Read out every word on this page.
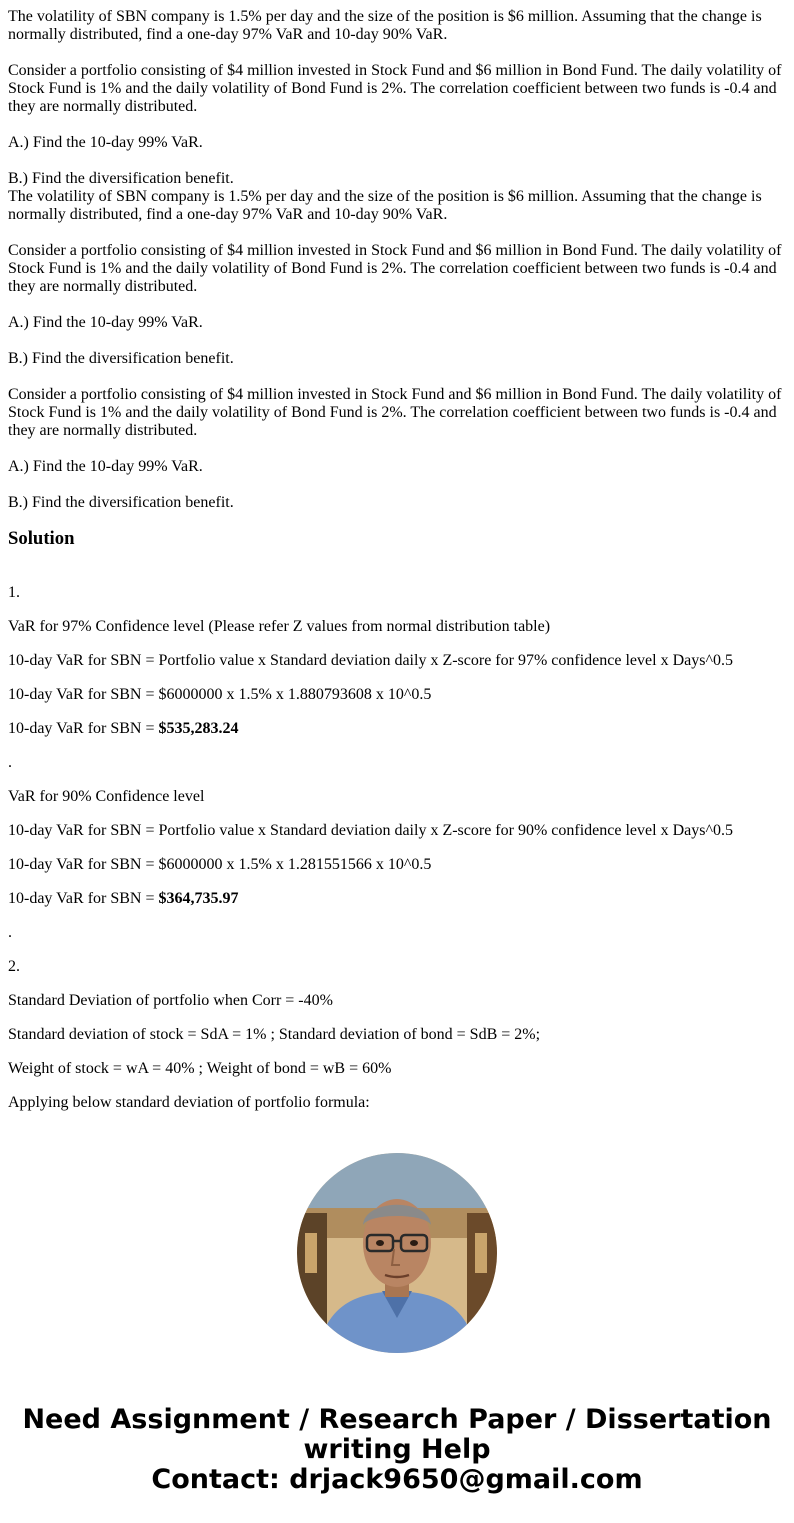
The volatility of SBN company is 1.5% per day and the size of the position is $6 million. Assuming that the change is normally distributed, find a one-day 97% VaR and 10-day 90% VaR.

Consider a portfolio consisting of $4 million invested in Stock Fund and $6 million in Bond Fund. The daily volatility of Stock Fund is 1% and the daily volatility of Bond Fund is 2%. The correlation coefficient between two funds is -0.4 and they are normally distributed.

A.) Find the 10-day 99% VaR.

B.) Find the diversification benefit.

The volatility of SBN company is 1.5% per day and the size of the position is $6 million. Assuming that the change is normally distributed, find a one-day 97% VaR and 10-day 90% VaR.

Consider a portfolio consisting of $4 million invested in Stock Fund and $6 million in Bond Fund. The daily volatility of Stock Fund is 1% and the daily volatility of Bond Fund is 2%. The correlation coefficient between two funds is -0.4 and they are normally distributed.

A.) Find the 10-day 99% VaR.

B.) Find the diversification benefit.

Consider a portfolio consisting of $4 million invested in Stock Fund and $6 million in Bond Fund. The daily volatility of Stock Fund is 1% and the daily volatility of Bond Fund is 2%. The correlation coefficient between two funds is -0.4 and they are normally distributed.

A.) Find the 10-day 99% VaR.

B.) Find the diversification benefit.

Solution

1.

VaR for 97% Confidence level (Please refer Z values from normal distribution table)

10-day VaR for SBN = Portfolio value x Standard deviation daily x Z-score for 97% confidence level x Days^0.5

10-day VaR for SBN = $6000000 x 1.5% x 1.880793608 x 10^0.5

10-day VaR for SBN = $535,283.24

.

VaR for 90% Confidence level

10-day VaR for SBN = Portfolio value x Standard deviation daily x Z-score for 90% confidence level x Days^0.5

10-day VaR for SBN = $6000000 x 1.5% x 1.281551566 x 10^0.5

10-day VaR for SBN = $364,735.97

.

2.

Standard Deviation of portfolio when Corr = -40%

Standard deviation of stock = SdA = 1% ; Standard deviation of bond = SdB = 2%;

Weight of stock = wA = 40% ; Weight of bond = wB = 60%

Applying below standard deviation of portfolio formula:

Need Assignment / Research Paper / Dissertation
writing Help
Contact: drjack9650@gmail.com
